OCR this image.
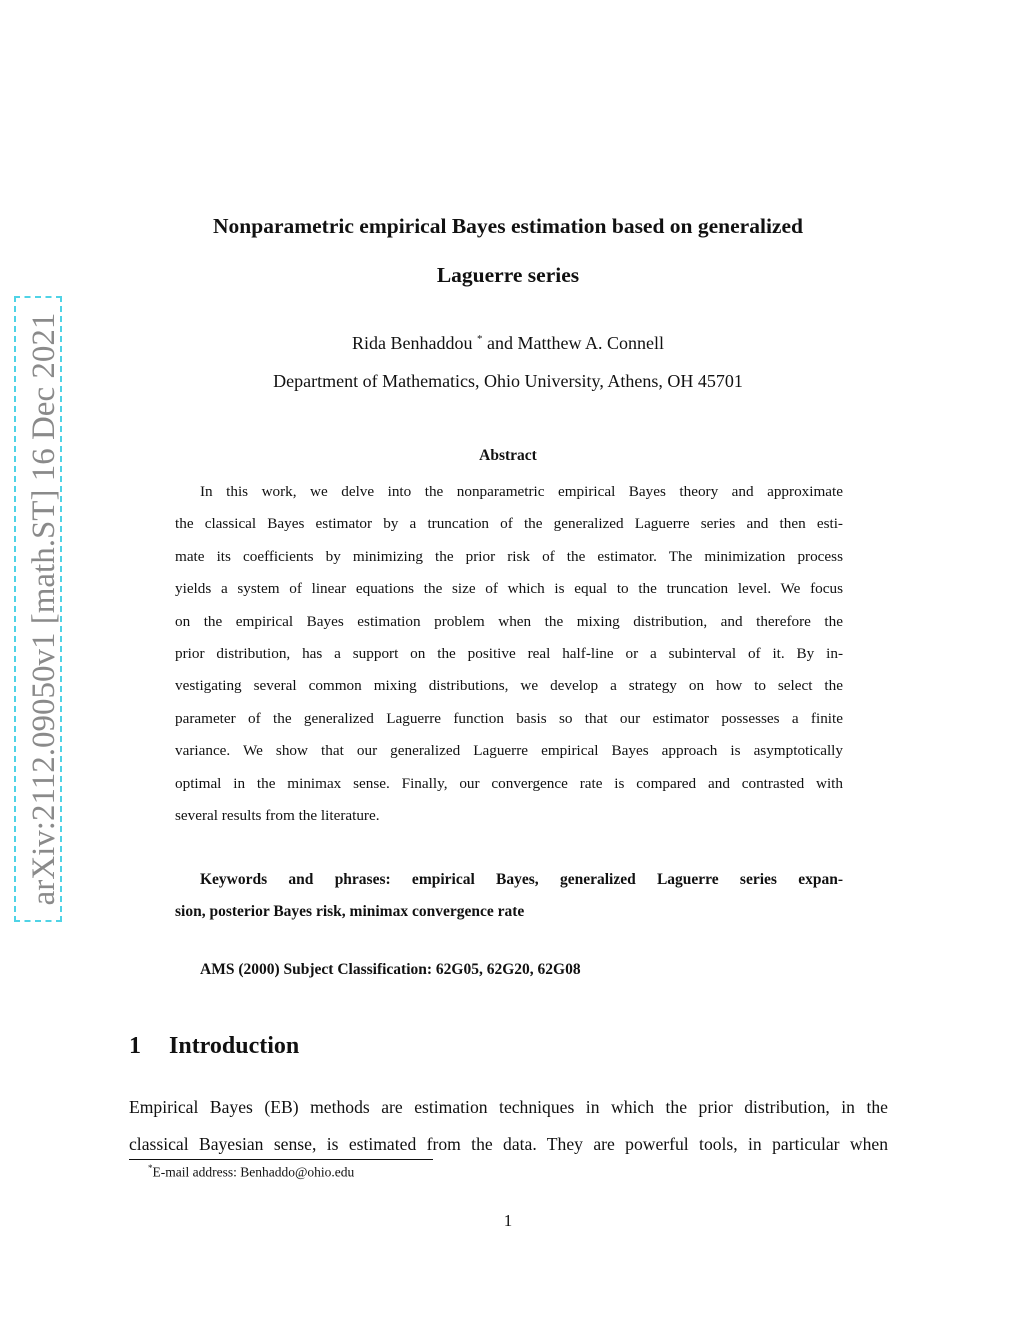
arXiv:2112.09050v1 [math.ST] 16 Dec 2021
Nonparametric empirical Bayes estimation based on generalized
Laguerre series
Rida Benhaddou * and Matthew A. Connell
Department of Mathematics, Ohio University, Athens, OH 45701
Abstract
In this work, we delve into the nonparametric empirical Bayes theory and approximate
the classical Bayes estimator by a truncation of the generalized Laguerre series and then esti-
mate its coefficients by minimizing the prior risk of the estimator. The minimization process
yields a system of linear equations the size of which is equal to the truncation level. We focus
on the empirical Bayes estimation problem when the mixing distribution, and therefore the
prior distribution, has a support on the positive real half-line or a subinterval of it. By in-
vestigating several common mixing distributions, we develop a strategy on how to select the
parameter of the generalized Laguerre function basis so that our estimator possesses a finite
variance. We show that our generalized Laguerre empirical Bayes approach is asymptotically
optimal in the minimax sense. Finally, our convergence rate is compared and contrasted with
several results from the literature.
Keywords and phrases: empirical Bayes, generalized Laguerre series expan-
sion, posterior Bayes risk, minimax convergence rate
AMS (2000) Subject Classification: 62G05, 62G20, 62G08
1 Introduction
Empirical Bayes (EB) methods are estimation techniques in which the prior distribution, in the
classical Bayesian sense, is estimated from the data. They are powerful tools, in particular when
*E-mail address: Benhaddo@ohio.edu
1
